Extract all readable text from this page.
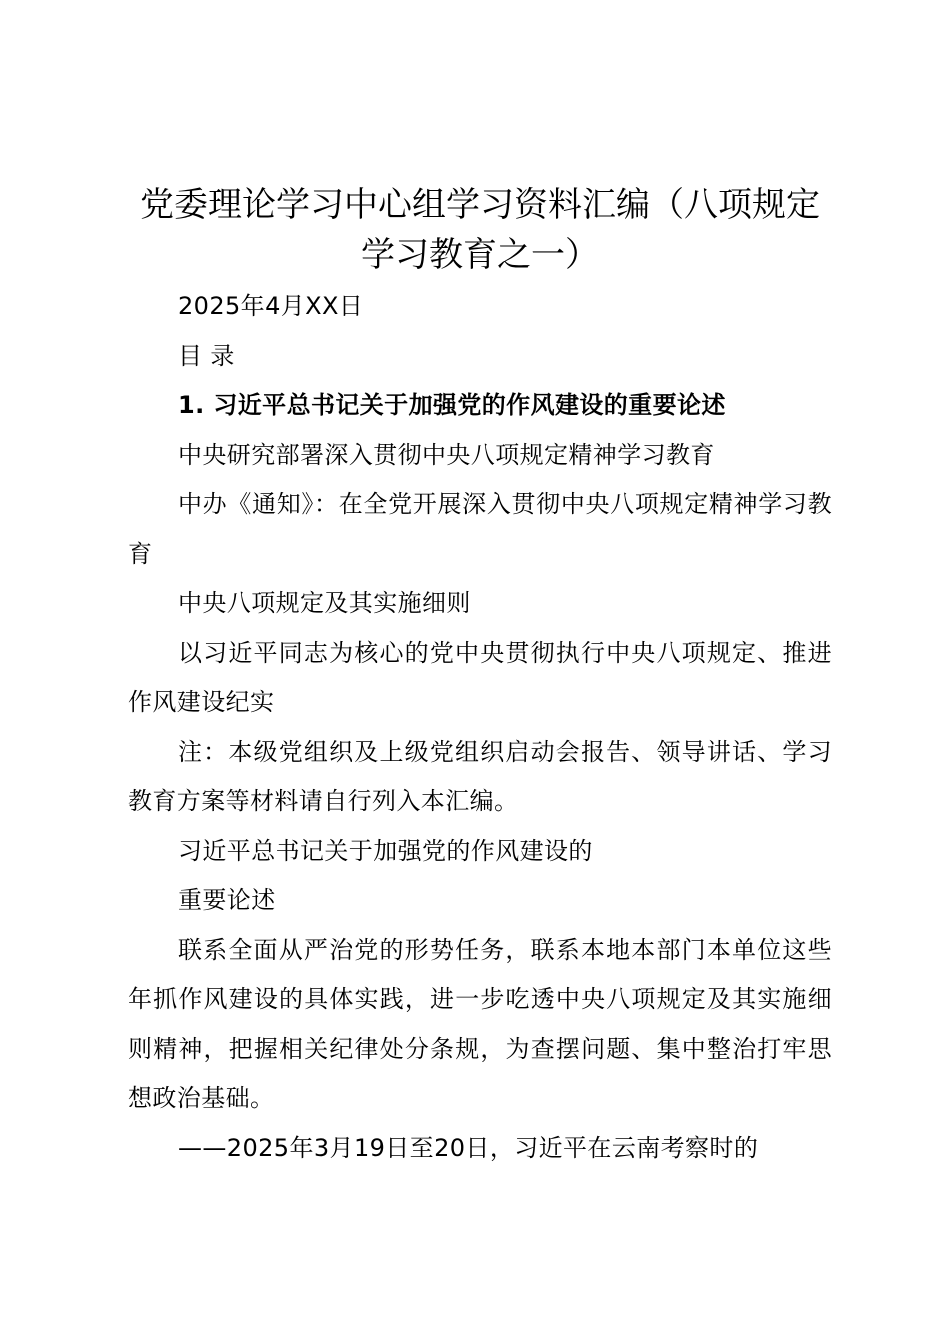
党委理论学习中心组学习资料汇编（八项规定学习教育之一）

2025年4月XX日

目 录

1. 习近平总书记关于加强党的作风建设的重要论述

中央研究部署深入贯彻中央八项规定精神学习教育

中办《通知》：在全党开展深入贯彻中央八项规定精神学习教育

中央八项规定及其实施细则

以习近平同志为核心的党中央贯彻执行中央八项规定、推进作风建设纪实

注：本级党组织及上级党组织启动会报告、领导讲话、学习教育方案等材料请自行列入本汇编。

习近平总书记关于加强党的作风建设的

重要论述

联系全面从严治党的形势任务，联系本地本部门本单位这些年抓作风建设的具体实践，进一步吃透中央八项规定及其实施细则精神，把握相关纪律处分条规，为查摆问题、集中整治打牢思想政治基础。

——2025年3月19日至20日，习近平在云南考察时的
